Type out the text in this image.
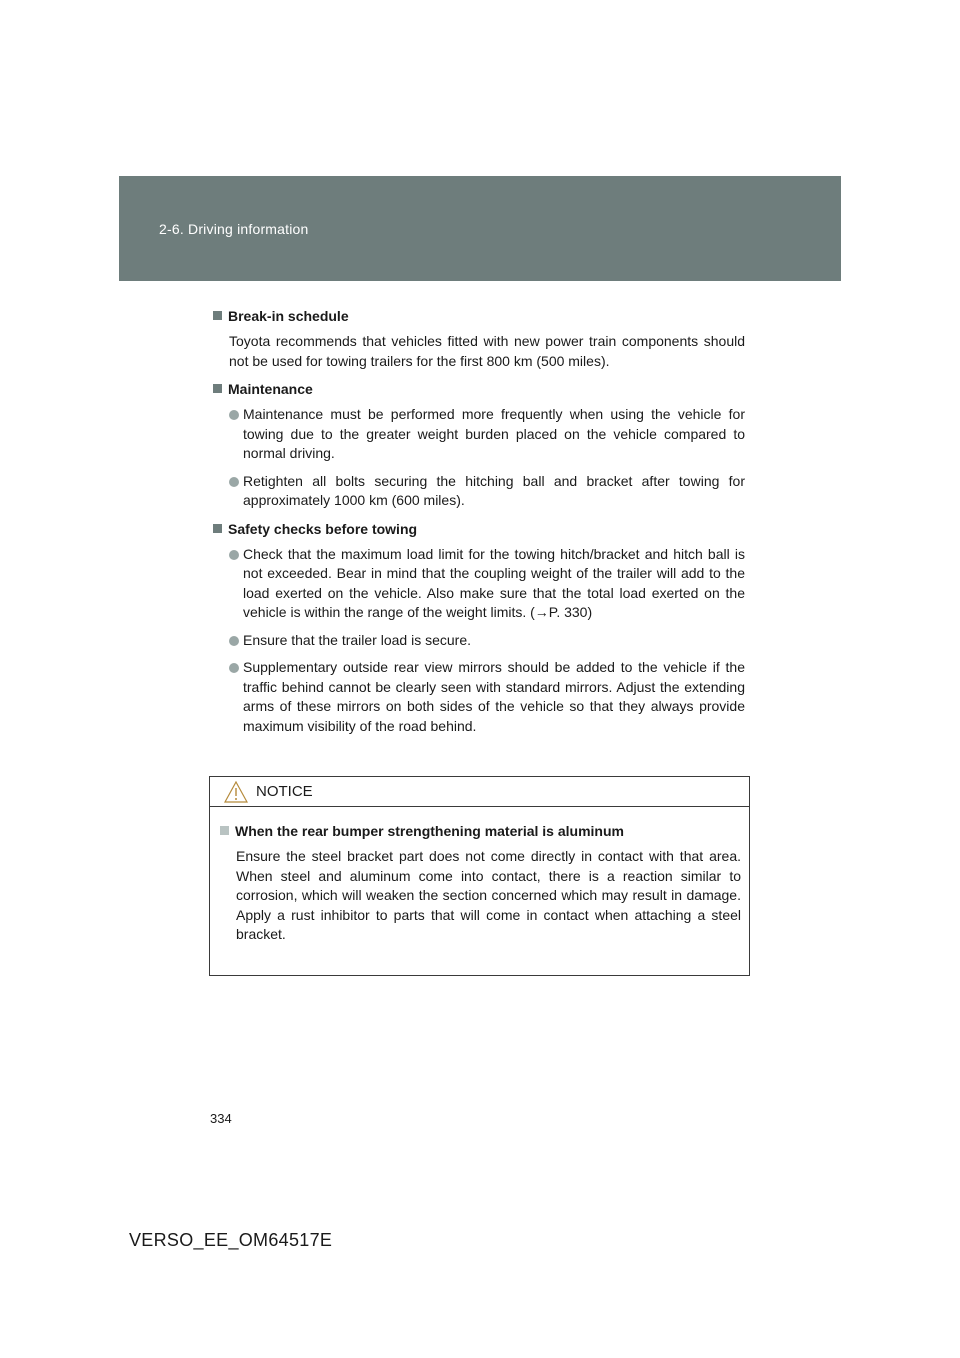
2-6. Driving information
Break-in schedule

Toyota recommends that vehicles fitted with new power train components should not be used for towing trailers for the first 800 km (500 miles).

Maintenance
Maintenance must be performed more frequently when using the vehicle for towing due to the greater weight burden placed on the vehicle compared to normal driving.
Retighten all bolts securing the hitching ball and bracket after towing for approximately 1000 km (600 miles).
Safety checks before towing
Check that the maximum load limit for the towing hitch/bracket and hitch ball is not exceeded. Bear in mind that the coupling weight of the trailer will add to the load exerted on the vehicle. Also make sure that the total load exerted on the vehicle is within the range of the weight limits. (→P. 330)
Ensure that the trailer load is secure.
Supplementary outside rear view mirrors should be added to the vehicle if the traffic behind cannot be clearly seen with standard mirrors. Adjust the extending arms of these mirrors on both sides of the vehicle so that they always provide maximum visibility of the road behind.
NOTICE
When the rear bumper strengthening material is aluminum

Ensure the steel bracket part does not come directly in contact with that area. When steel and aluminum come into contact, there is a reaction similar to corrosion, which will weaken the section concerned which may result in damage. Apply a rust inhibitor to parts that will come in contact when attaching a steel bracket.

334
VERSO_EE_OM64517E
